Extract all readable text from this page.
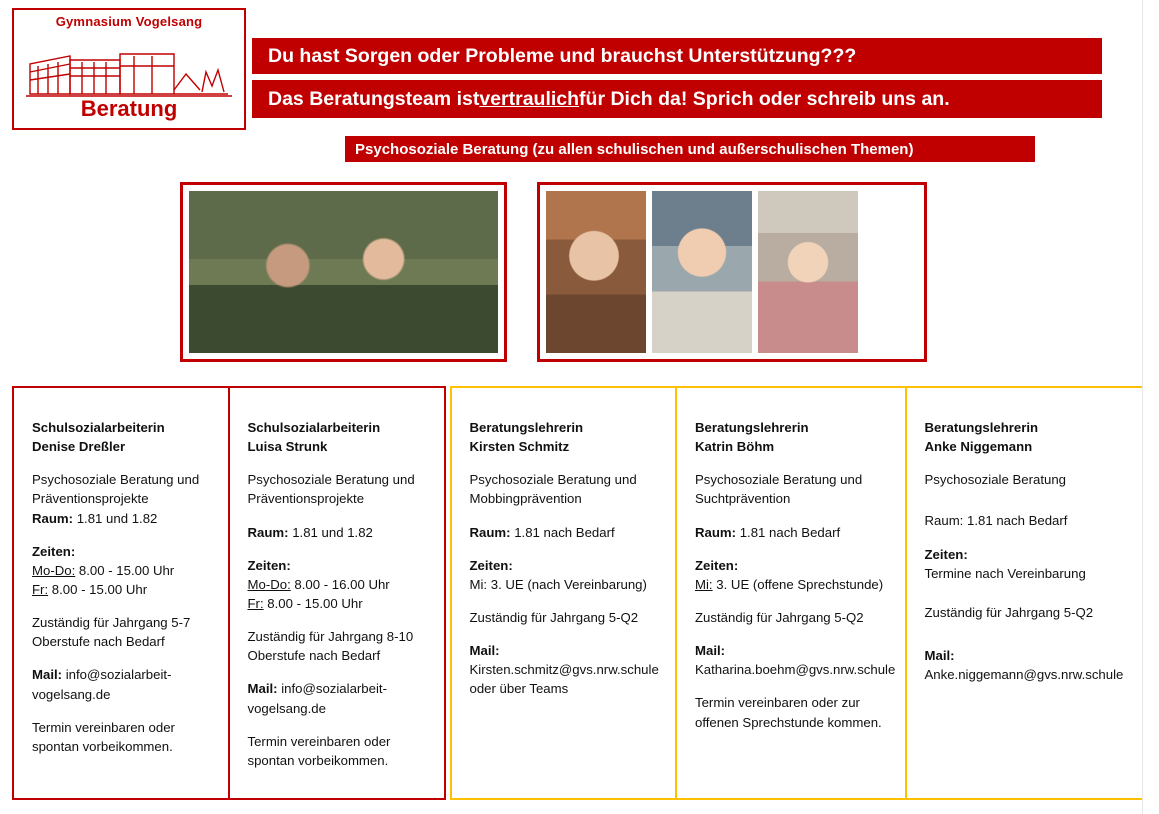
Gymnasium Vogelsang
Beratung
Du hast Sorgen oder Probleme und brauchst Unterstützung???
Das Beratungsteam ist vertraulich für Dich da! Sprich oder schreib uns an.
Psychosoziale Beratung (zu allen schulischen und außerschulischen Themen)
Schulsozialarbeiterin
Denise Dreßler

Psychosoziale Beratung und Präventionsprojekte

Raum: 1.81 und 1.82

Zeiten:

Mo-Do: 8.00 - 15.00 Uhr

Fr: 8.00 - 15.00 Uhr

Zuständig für Jahrgang 5-7 Oberstufe nach Bedarf

Mail: info@sozialarbeit-vogelsang.de

Termin vereinbaren oder spontan vorbeikommen.

Schulsozialarbeiterin
Luisa Strunk

Psychosoziale Beratung und Präventionsprojekte

Raum: 1.81 und 1.82

Zeiten:

Mo-Do: 8.00 - 16.00 Uhr

Fr: 8.00 - 15.00 Uhr

Zuständig für Jahrgang 8-10 Oberstufe nach Bedarf

Mail: info@sozialarbeit-vogelsang.de

Termin vereinbaren oder spontan vorbeikommen.

Beratungslehrerin
Kirsten Schmitz

Psychosoziale Beratung und Mobbingprävention

Raum: 1.81 nach Bedarf

Zeiten:

Mi: 3. UE (nach Vereinbarung)

Zuständig für Jahrgang 5-Q2

Mail: Kirsten.schmitz@gvs.nrw.schule oder über Teams

Beratungslehrerin
Katrin Böhm

Psychosoziale Beratung und Suchtprävention

Raum: 1.81 nach Bedarf

Zeiten:

Mi: 3. UE (offene Sprechstunde)

Zuständig für Jahrgang 5-Q2

Mail: Katharina.boehm@gvs.nrw.schule

Termin vereinbaren oder zur offenen Sprechstunde kommen.

Beratungslehrerin
Anke Niggemann

Psychosoziale Beratung

Raum: 1.81 nach Bedarf

Zeiten:

Termine nach Vereinbarung

Zuständig für Jahrgang 5-Q2

Mail: Anke.niggemann@gvs.nrw.schule
